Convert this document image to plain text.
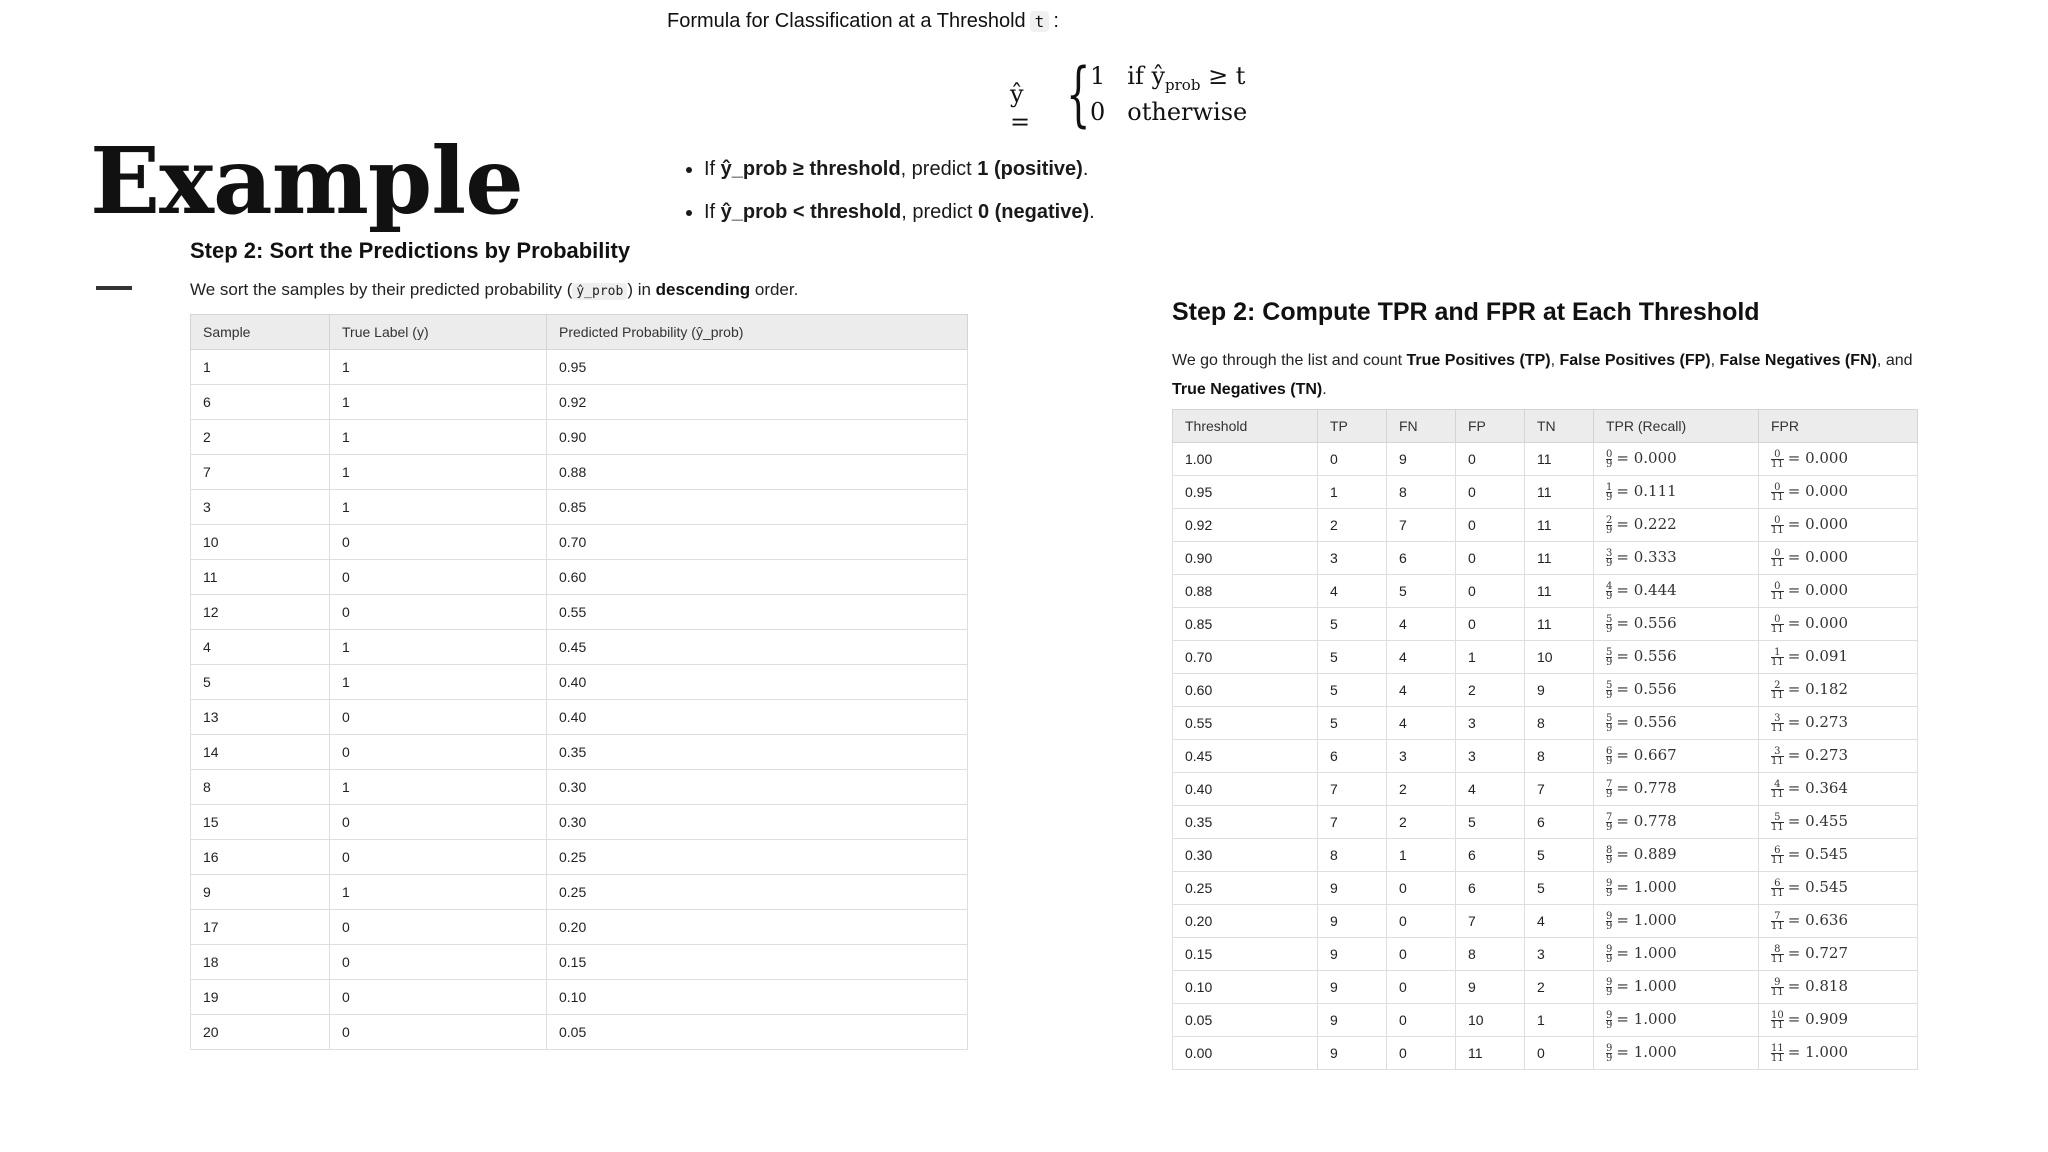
Formula for Classification at a Threshold t :
ŷ = { 1 if $ŷ_{prob} \ge t$
0 otherwise
• If ŷ_prob ≥ threshold, predict 1 (positive).
• If ŷ_prob < threshold, predict 0 (negative).
Example
Step 2: Sort the Predictions by Probability
We sort the samples by their predicted probability ( ŷ_prob ) in descending order.
Sample	True Label (y)	Predicted Probability (ŷ_prob)
1	1	0.95
6	1	0.92
2	1	0.90
7	1	0.88
3	1	0.85
10	0	0.70
11	0	0.60
12	0	0.55
4	1	0.45
5	1	0.40
13	0	0.40
14	0	0.35
8	1	0.30
15	0	0.30
16	0	0.25
9	1	0.25
17	0	0.20
18	0	0.15
19	0	0.10
20	0	0.05
Step 2: Compute TPR and FPR at Each Threshold
We go through the list and count True Positives (TP), False Positives (FP), False Negatives (FN), and True Negatives (TN).
Threshold	TP	FN	FP	TN	TPR (Recall)	FPR
1.00	0	9	0	11	$\frac{0}{9} = 0.000$	$\frac{0}{11} = 0.000$
0.95	1	8	0	11	$\frac{1}{9} = 0.111$	$\frac{0}{11} = 0.000$
0.92	2	7	0	11	$\frac{2}{9} = 0.222$	$\frac{0}{11} = 0.000$
0.90	3	6	0	11	$\frac{3}{9} = 0.333$	$\frac{0}{11} = 0.000$
0.88	4	5	0	11	$\frac{4}{9} = 0.444$	$\frac{0}{11} = 0.000$
0.85	5	4	0	11	$\frac{5}{9} = 0.556$	$\frac{0}{11} = 0.000$
0.70	5	4	1	10	$\frac{5}{9} = 0.556$	$\frac{1}{11} = 0.091$
0.60	5	4	2	9	$\frac{5}{9} = 0.556$	$\frac{2}{11} = 0.182$
0.55	5	4	3	8	$\frac{5}{9} = 0.556$	$\frac{3}{11} = 0.273$
0.45	6	3	3	8	$\frac{6}{9} = 0.667$	$\frac{3}{11} = 0.273$
0.40	7	2	4	7	$\frac{7}{9} = 0.778$	$\frac{4}{11} = 0.364$
0.35	7	2	5	6	$\frac{7}{9} = 0.778$	$\frac{5}{11} = 0.455$
0.30	8	1	6	5	$\frac{8}{9} = 0.889$	$\frac{6}{11} = 0.545$
0.25	9	0	6	5	$\frac{9}{9} = 1.000$	$\frac{6}{11} = 0.545$
0.20	9	0	7	4	$\frac{9}{9} = 1.000$	$\frac{7}{11} = 0.636$
0.15	9	0	8	3	$\frac{9}{9} = 1.000$	$\frac{8}{11} = 0.727$
0.10	9	0	9	2	$\frac{9}{9} = 1.000$	$\frac{9}{11} = 0.818$
0.05	9	0	10	1	$\frac{9}{9} = 1.000$	$\frac{10}{11} = 0.909$
0.00	9	0	11	0	$\frac{9}{9} = 1.000$	$\frac{11}{11} = 1.000$
